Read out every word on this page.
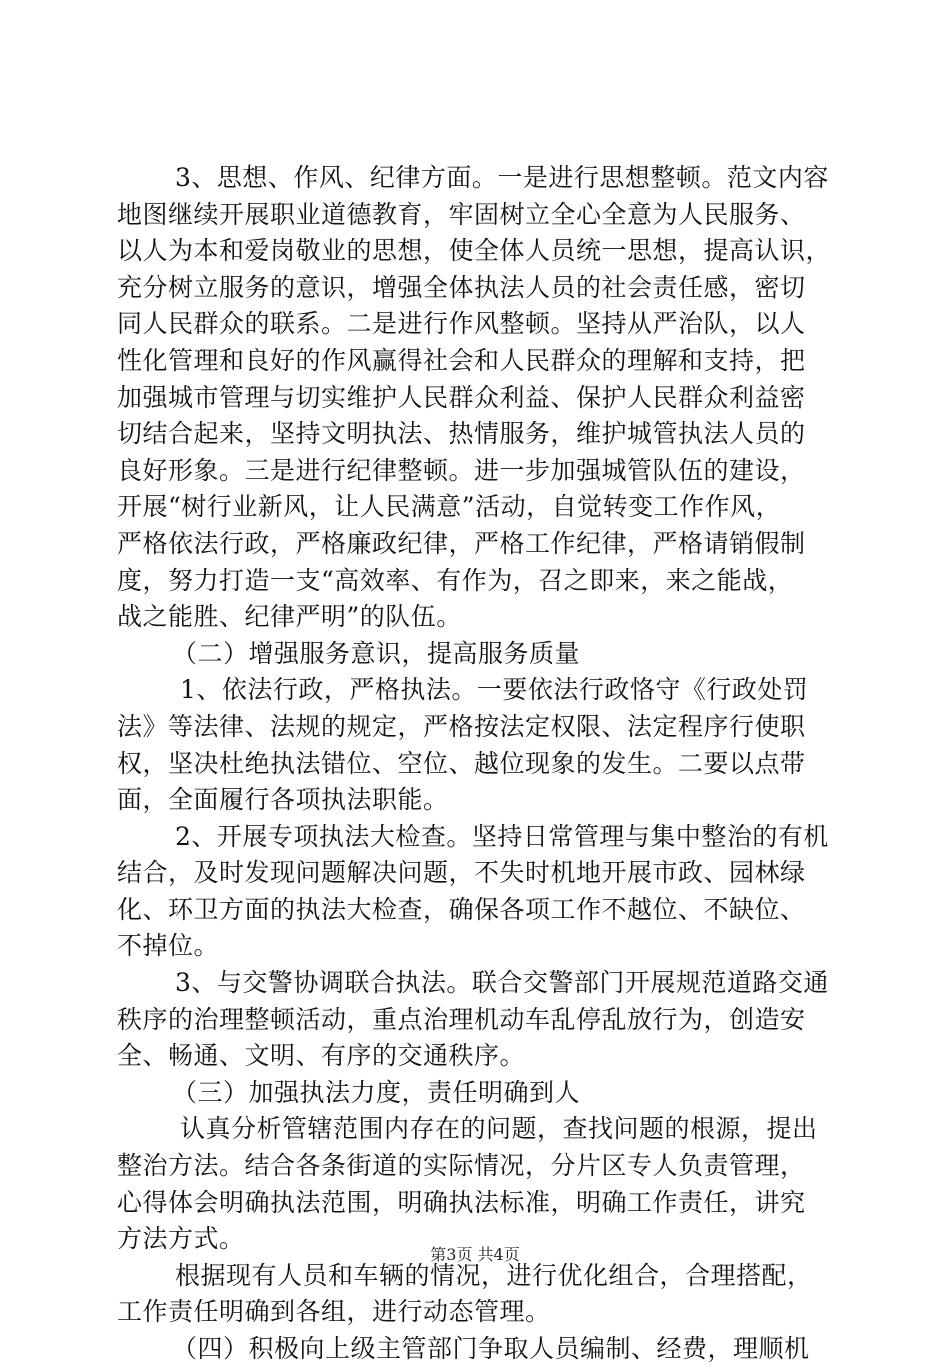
3、思想、作风、纪律方面。一是进行思想整顿。范文内容
地图继续开展职业道德教育，牢固树立全心全意为人民服务、
以人为本和爱岗敬业的思想，使全体人员统一思想，提高认识，
充分树立服务的意识，增强全体执法人员的社会责任感，密切
同人民群众的联系。二是进行作风整顿。坚持从严治队，以人
性化管理和良好的作风赢得社会和人民群众的理解和支持，把
加强城市管理与切实维护人民群众利益、保护人民群众利益密
切结合起来，坚持文明执法、热情服务，维护城管执法人员的
良好形象。三是进行纪律整顿。进一步加强城管队伍的建设，
开展“树行业新风，让人民满意”活动，自觉转变工作作风，
严格依法行政，严格廉政纪律，严格工作纪律，严格请销假制
度，努力打造一支“高效率、有作为，召之即来，来之能战，
战之能胜、纪律严明”的队伍。
（二）增强服务意识，提高服务质量
1、依法行政，严格执法。一要依法行政恪守《行政处罚
法》等法律、法规的规定，严格按法定权限、法定程序行使职
权，坚决杜绝执法错位、空位、越位现象的发生。二要以点带
面，全面履行各项执法职能。
2、开展专项执法大检查。坚持日常管理与集中整治的有机
结合，及时发现问题解决问题，不失时机地开展市政、园林绿
化、环卫方面的执法大检查，确保各项工作不越位、不缺位、
不掉位。
3、与交警协调联合执法。联合交警部门开展规范道路交通
秩序的治理整顿活动，重点治理机动车乱停乱放行为，创造安
全、畅通、文明、有序的交通秩序。
（三）加强执法力度，责任明确到人
认真分析管辖范围内存在的问题，查找问题的根源，提出
整治方法。结合各条街道的实际情况，分片区专人负责管理，
心得体会明确执法范围，明确执法标准，明确工作责任，讲究
方法方式。
根据现有人员和车辆的情况，进行优化组合，合理搭配，
工作责任明确到各组，进行动态管理。
（四）积极向上级主管部门争取人员编制、经费，理顺机
第3页 共4页
